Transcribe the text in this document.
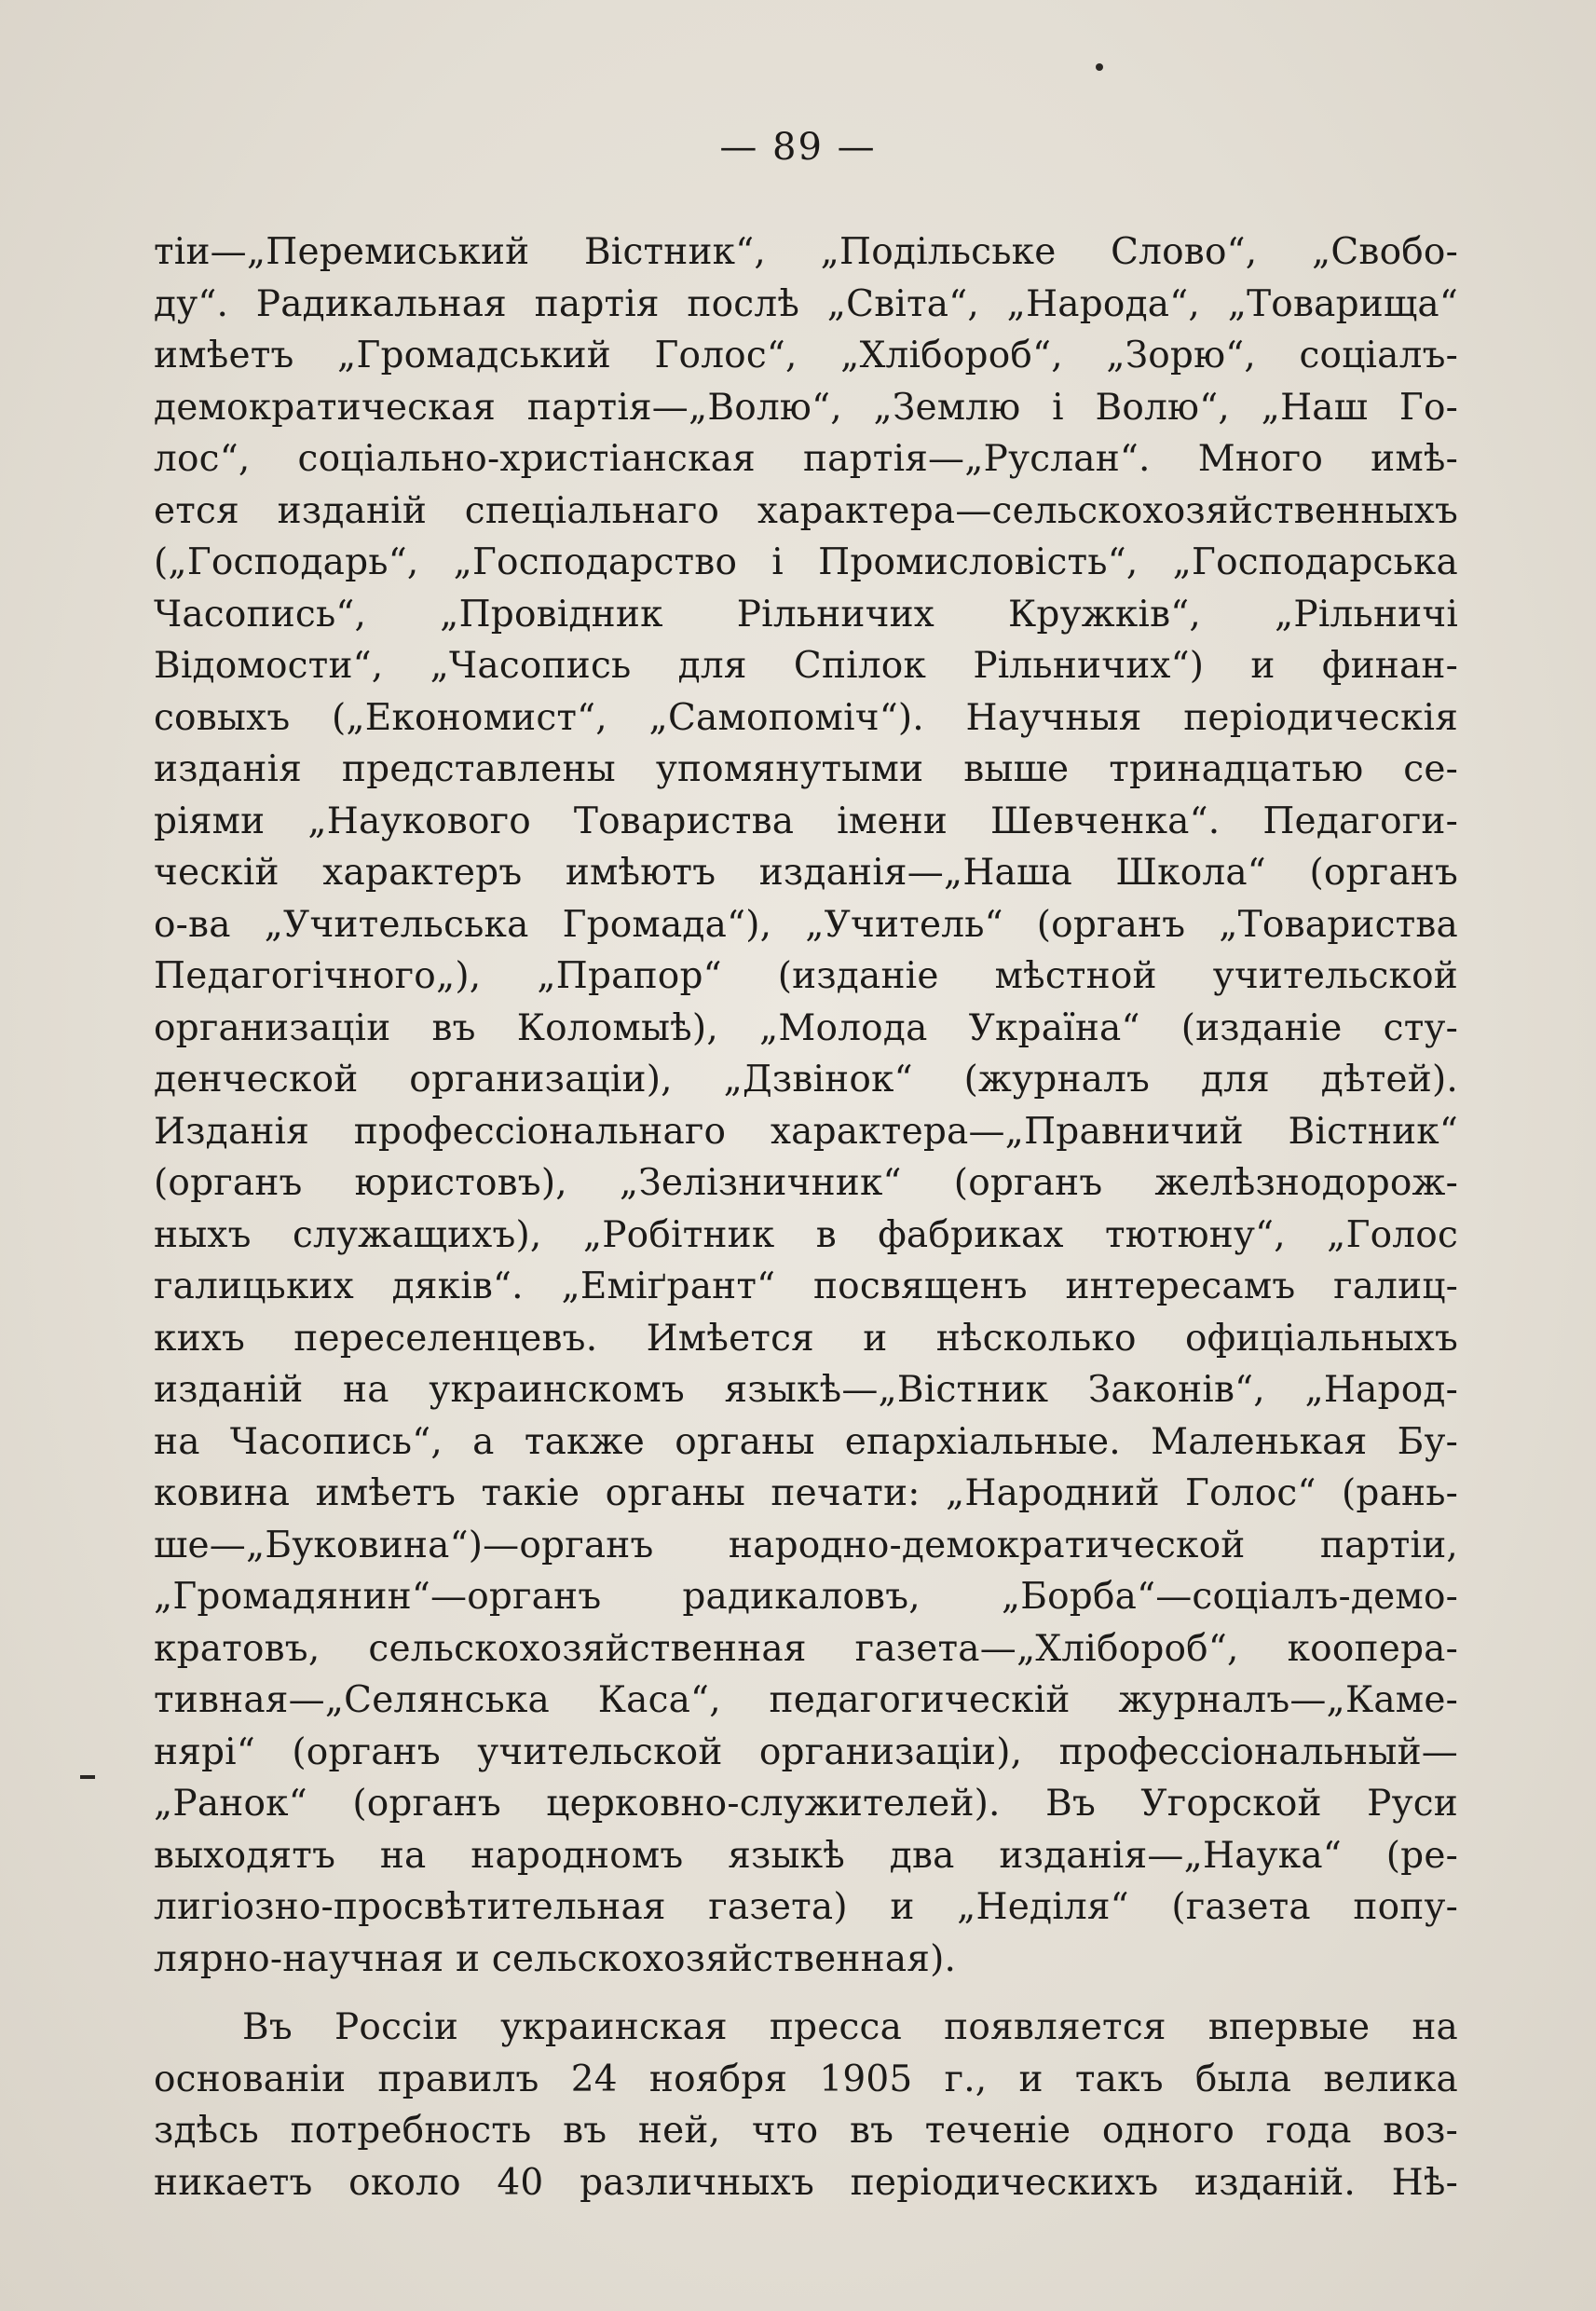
— 89 —
тіи—„Перемиський Вістник“, „Подільське Слово“, „Свобо-
ду“. Радикальная партія послѣ „Світа“, „Народа“, „Товарища“
имѣетъ „Громадський Голос“, „Хлібороб“, „Зорю“, соціалъ-
демократическая партія—„Волю“, „Землю і Волю“, „Наш Го-
лос“, соціально-христіанская партія—„Руслан“. Много имѣ-
ется изданій спеціальнаго характера—сельскохозяйственныхъ
(„Господарь“, „Господарство і Промисловість“, „Господарська
Часопись“, „Провідник Рільничих Кружків“, „Рільничі
Відомости“, „Часопись для Спілок Рільничих“) и финан-
совыхъ („Економист“, „Самопоміч“). Научныя періодическія
изданія представлены упомянутыми выше тринадцатью се-
ріями „Наукового Товариства імени Шевченка“. Педагоги-
ческій характеръ имѣютъ изданія—„Наша Школа“ (органъ
о-ва „Учительська Громада“), „Учитель“ (органъ „Товариства
Педагогічного„), „Прапор“ (изданіе мѣстной учительской
организаціи въ Коломыѣ), „Молода Україна“ (изданіе сту-
денческой организаціи), „Дзвінок“ (журналъ для дѣтей).
Изданія профессіональнаго характера—„Правничий Вістник“
(органъ юристовъ), „Зелізничник“ (органъ желѣзнодорож-
ныхъ служащихъ), „Робітник в фабриках тютюну“, „Голос
галицьких дяків“. „Еміґрант“ посвященъ интересамъ галиц-
кихъ переселенцевъ. Имѣется и нѣсколько офиціальныхъ
изданій на украинскомъ языкѣ—„Вістник Законів“, „Народ-
на Часопись“, а также органы епархіальные. Маленькая Бу-
ковина имѣетъ такіе органы печати: „Народний Голос“ (рань-
ше—„Буковина“)—органъ народно-демократической партіи,
„Громадянин“—органъ радикаловъ, „Борба“—соціалъ-демо-
кратовъ, сельскохозяйственная газета—„Хлібороб“, коопера-
тивная—„Селянська Каса“, педагогическій журналъ—„Каме-
нярі“ (органъ учительской организаціи), профессіональный—
„Ранок“ (органъ церковно-служителей). Въ Угорской Руси
выходятъ на народномъ языкѣ два изданія—„Наука“ (ре-
лигіозно-просвѣтительная газета) и „Неділя“ (газета попу-
лярно-научная и сельскохозяйственная).
Въ Россіи украинская пресса появляется впервые на
основаніи правилъ 24 ноября 1905 г., и такъ была велика
здѣсь потребность въ ней, что въ теченіе одного года воз-
никаетъ около 40 различныхъ періодическихъ изданій. Нѣ-
